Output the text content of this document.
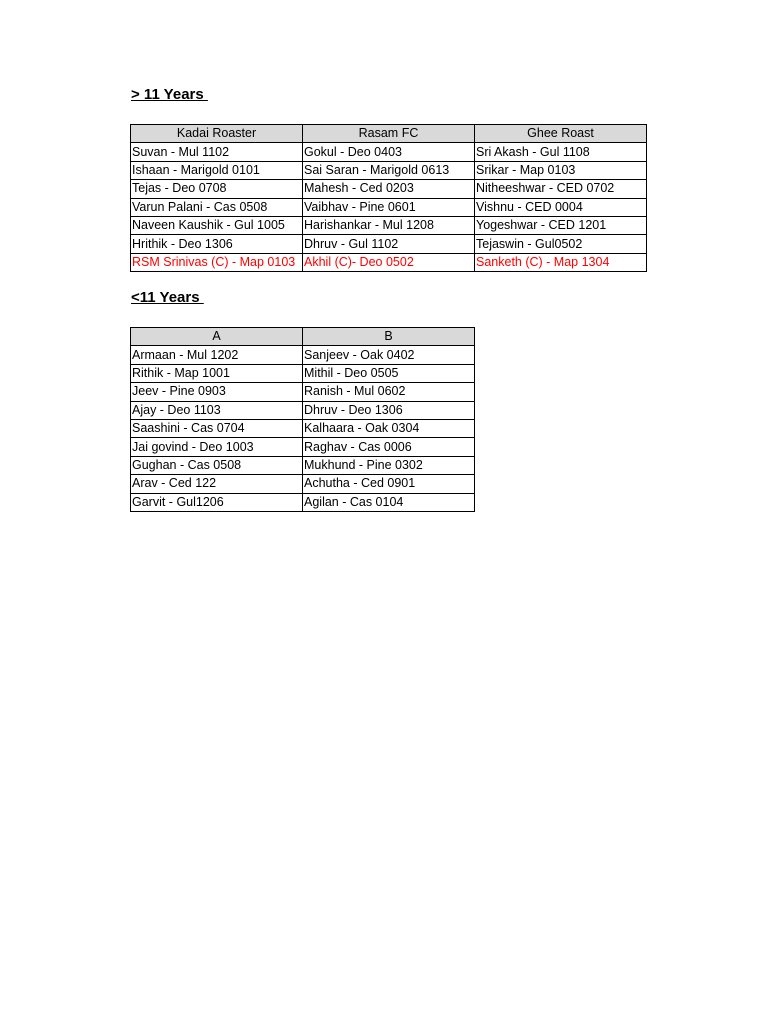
> 11 Years
Kadai Roaster	Rasam FC	Ghee Roast
Suvan - Mul 1102	Gokul - Deo 0403	Sri Akash - Gul 1108
Ishaan - Marigold 0101	Sai Saran - Marigold 0613	Srikar - Map 0103
Tejas - Deo 0708	Mahesh - Ced 0203	Nitheeshwar - CED 0702
Varun Palani - Cas 0508	Vaibhav - Pine 0601	Vishnu - CED 0004
Naveen Kaushik - Gul 1005	Harishankar - Mul 1208	Yogeshwar - CED 1201
Hrithik - Deo 1306	Dhruv - Gul 1102	Tejaswin - Gul0502
RSM Srinivas (C) - Map 0103	Akhil (C)- Deo 0502	Sanketh (C) - Map 1304
<11 Years
A	B
Armaan - Mul 1202	Sanjeev - Oak 0402
Rithik - Map 1001	Mithil - Deo 0505
Jeev - Pine 0903	Ranish - Mul 0602
Ajay - Deo 1103	Dhruv - Deo 1306
Saashini - Cas 0704	Kalhaara - Oak 0304
Jai govind - Deo 1003	Raghav - Cas 0006
Gughan - Cas 0508	Mukhund - Pine 0302
Arav - Ced 122	Achutha - Ced 0901
Garvit - Gul1206	Agilan - Cas 0104
